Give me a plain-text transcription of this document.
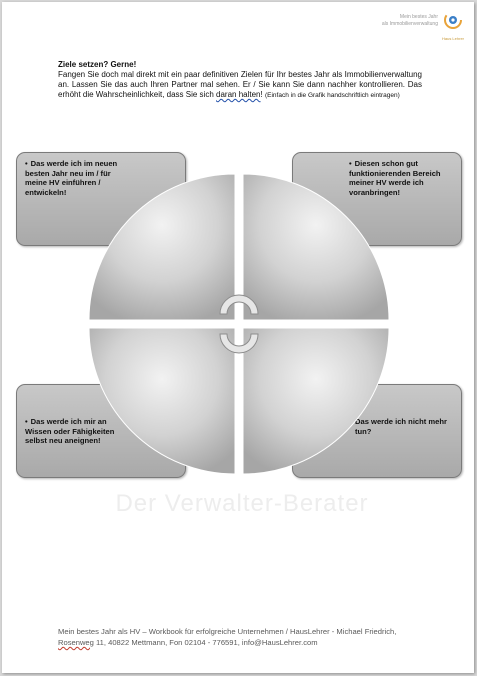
Mein bestes Jahr
als Immobilienverwaltung
Haus Lehrer
Ziele setzen? Gerne!
Fangen Sie doch mal direkt mit ein paar definitiven Zielen für Ihr bestes Jahr als Immobilienverwaltung an. Lassen Sie das auch Ihren Partner mal sehen. Er / Sie kann Sie dann nachher kontrollieren. Das erhöht die Wahrscheinlichkeit, dass Sie sich daran halten! (Einfach in die Grafik handschriftlich eintragen)
• Das werde ich im neuen besten Jahr neu im / für meine HV einführen / entwickeln!
• Diesen schon gut funktionierenden Bereich meiner HV werde ich voranbringen!
• Das werde ich mir an Wissen oder Fähigkeiten selbst neu aneignen!
Das werde ich nicht mehr tun?
Der Verwalter-Berater
Mein bestes Jahr als HV – Workbook für erfolgreiche Unternehmen / HausLehrer - Michael Friedrich,
Rosenweg 11, 40822 Mettmann, Fon 02104 - 776591, info@HausLehrer.com
